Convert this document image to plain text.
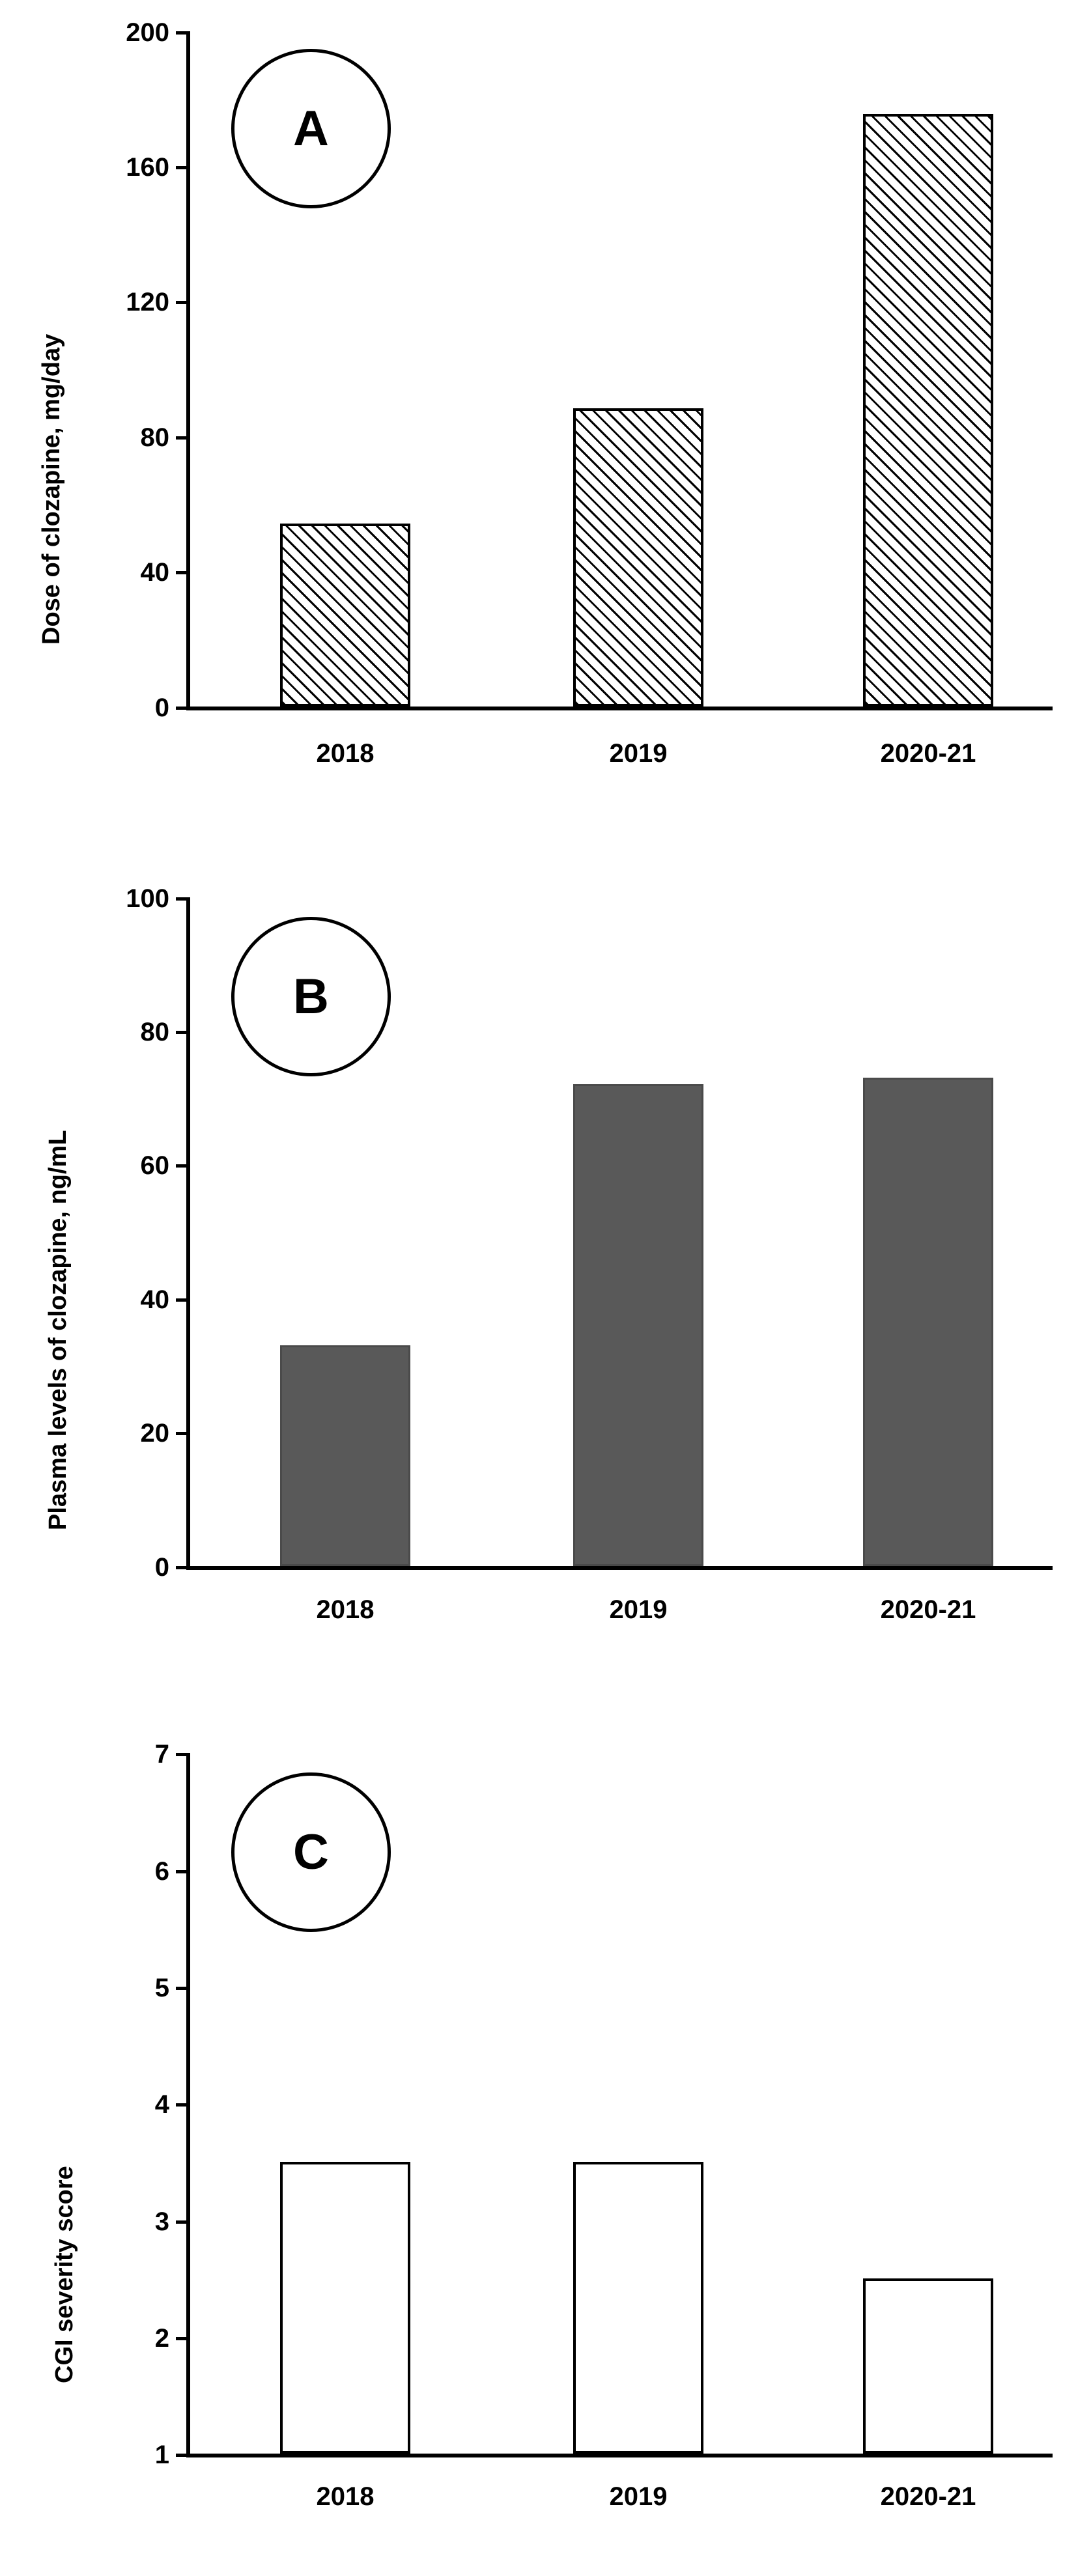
Dose of clozapine, mg/day
0
40
80
120
160
200
2018	2019	2020-21
A
Plasma levels of clozapine, ng/mL
0
20
40
60
80
100
2018	2019	2020-21
B
CGI severity score
1
2
3
4
5
6
7
2018	2019	2020-21
C
